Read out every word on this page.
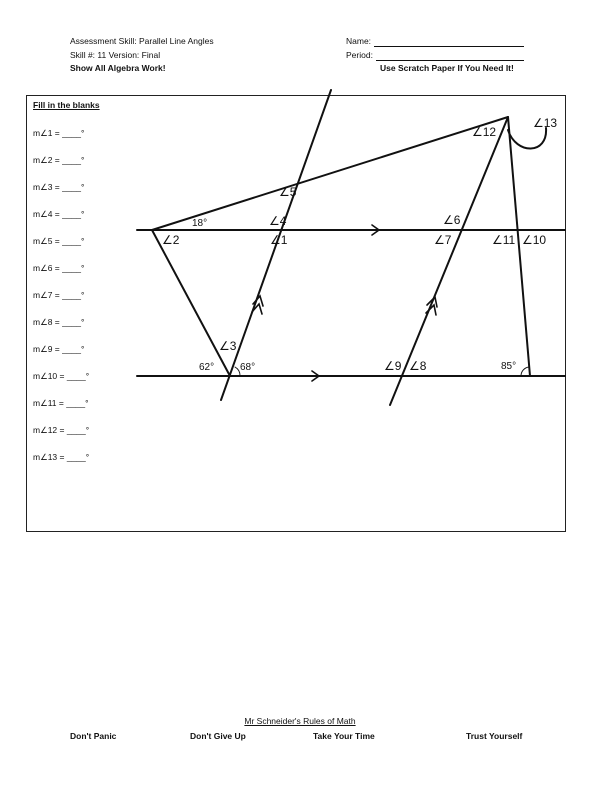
Assessment Skill: Parallel Line Angles
Skill #: 11 Version: Final
Show All Algebra Work!
Name:
Period:
Use Scratch Paper If You Need It!
Fill in the blanks
m∠1 = ____°
m∠2 = ____°
m∠3 = ____°
m∠4 = ____°
m∠5 = ____°
m∠6 = ____°
m∠7 = ____°
m∠8 = ____°
m∠9 = ____°
m∠10 = ____°
m∠11 = ____°
m∠12 = ____°
m∠13 = ____°
18°
62°	68°	85°
∠1
∠2
∠3
∠4
∠5
∠6
∠7
∠8
∠9
∠10
∠11
∠12
∠13
Mr Schneider's Rules of Math
Don't Panic	Don't Give Up	Take Your Time	Trust Yourself
